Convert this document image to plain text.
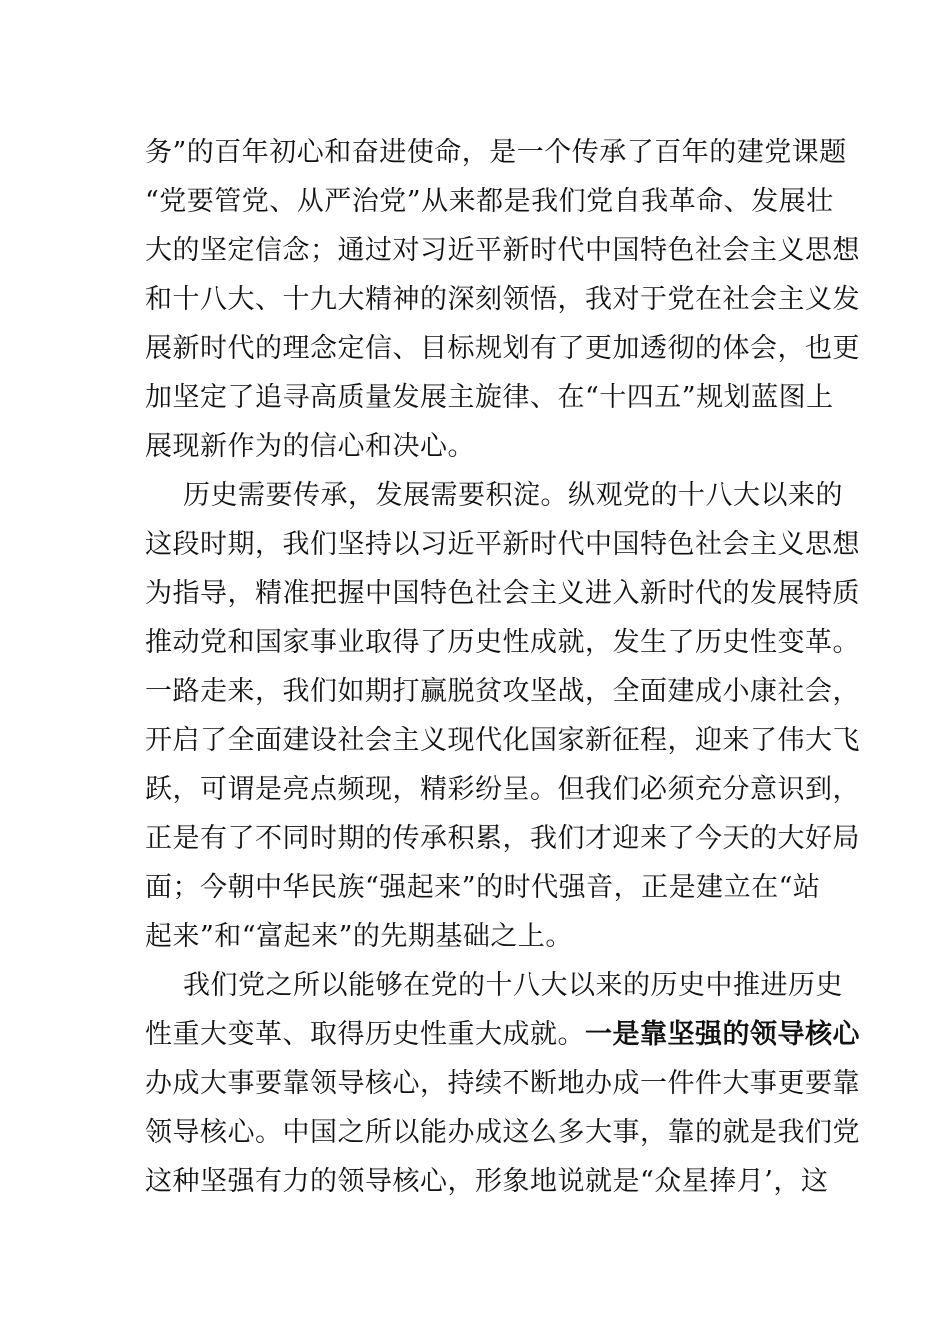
务”的百年初心和奋进使命，是一个传承了百年的建党课题
“党要管党、从严治党”从来都是我们党自我革命、发展壮
大的坚定信念；通过对习近平新时代中国特色社会主义思想
和十八大、十九大精神的深刻领悟，我对于党在社会主义发
展新时代的理念定信、目标规划有了更加透彻的体会，也更
加坚定了追寻高质量发展主旋律、在“十四五”规划蓝图上
展现新作为的信心和决心。
历史需要传承，发展需要积淀。纵观党的十八大以来的
这段时期，我们坚持以习近平新时代中国特色社会主义思想
为指导，精准把握中国特色社会主义进入新时代的发展特质
推动党和国家事业取得了历史性成就，发生了历史性变革。
一路走来，我们如期打赢脱贫攻坚战，全面建成小康社会，
开启了全面建设社会主义现代化国家新征程，迎来了伟大飞
跃，可谓是亮点频现，精彩纷呈。但我们必须充分意识到，
正是有了不同时期的传承积累，我们才迎来了今天的大好局
面；今朝中华民族“强起来”的时代强音，正是建立在“站
起来”和“富起来”的先期基础之上。
我们党之所以能够在党的十八大以来的历史中推进历史
性重大变革、取得历史性重大成就。一是靠坚强的领导核心
办成大事要靠领导核心，持续不断地办成一件件大事更要靠
领导核心。中国之所以能办成这么多大事，靠的就是我们党
这种坚强有力的领导核心，形象地说就是“众星捧月’，这
